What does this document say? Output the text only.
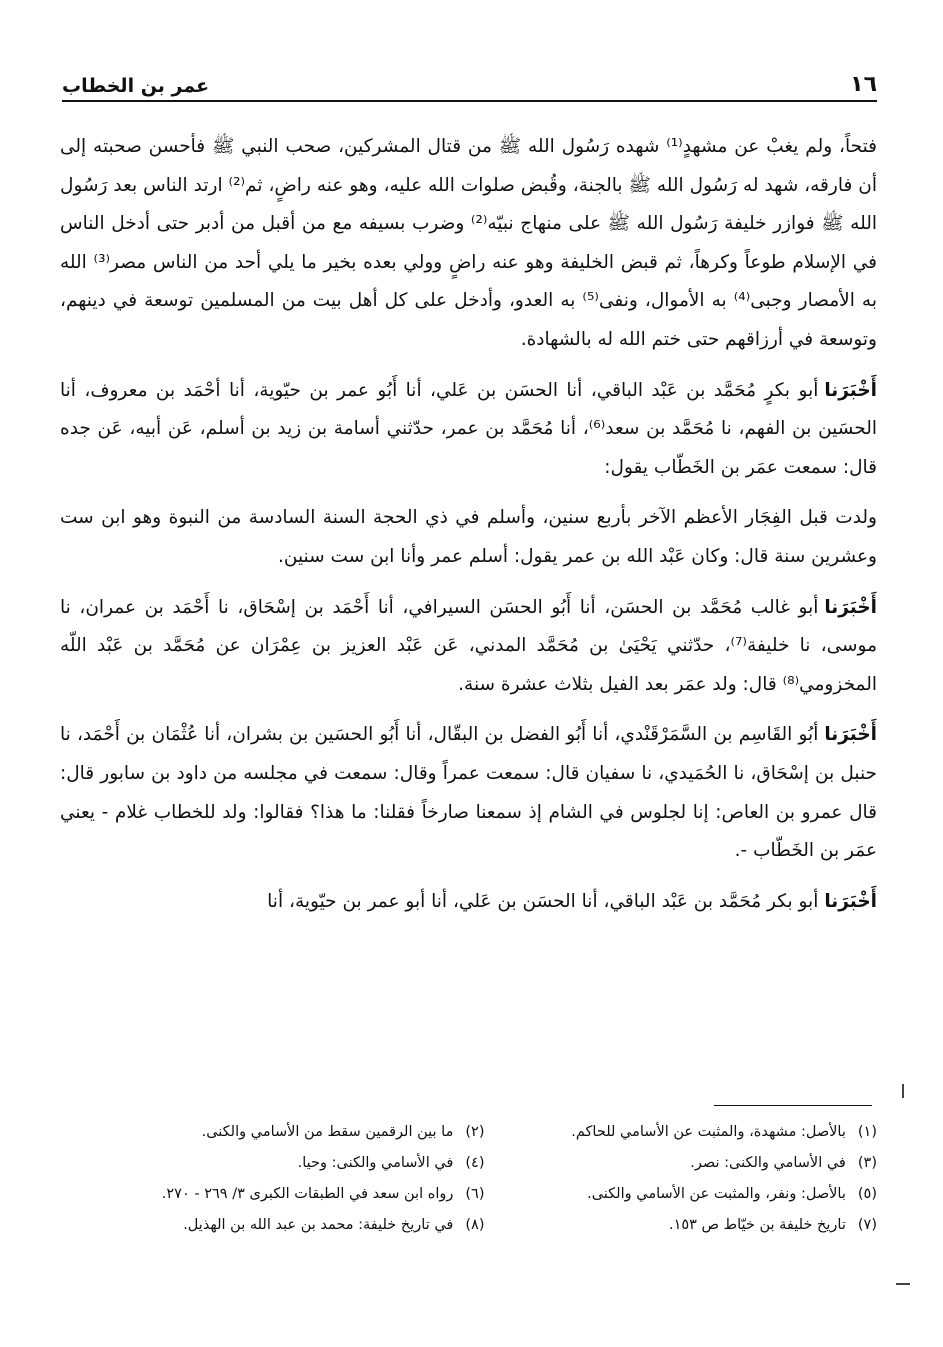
١٦
عمر بن الخطاب

فتحاً، ولم يغبْ عن مشهدٍ⁽¹⁾ شهده رَسُول الله ﷺ من قتال المشركين، صحب النبي ﷺ فأحسن صحبته إلى أن فارقه، شهد له رَسُول الله ﷺ بالجنة، وقُبض صلوات الله عليه، وهو عنه راضٍ، ثم⁽²⁾ ارتد الناس بعد رَسُول الله ﷺ فوازر خليفة رَسُول الله ﷺ على منهاج نبيّه⁽²⁾ وضرب بسيفه مع من أقبل من أدبر حتى أدخل الناس في الإسلام طوعاً وكرهاً، ثم قبض الخليفة وهو عنه راضٍ وولي بعده بخير ما يلي أحد من الناس مصر⁽³⁾ الله به الأمصار وجبى⁽⁴⁾ به الأموال، ونفى⁽⁵⁾ به العدو، وأدخل على كل أهل بيت من المسلمين توسعة في دينهم، وتوسعة في أرزاقهم حتى ختم الله له بالشهادة.

أَخْبَرَناأبو بكرٍ مُحَمَّد بن عَبْد الباقي، أنا الحسَن بن عَلي، أنا أَبُو عمر بن حيّوية، أنا أحْمَد بن معروف، أنا الحسَين بن الفهم، نا مُحَمَّد بن سعد⁽⁶⁾، أنا مُحَمَّد بن عمر، حدّثني أسامة بن زيد بن أسلم، عَن أبيه، عَن جده قال: سمعت عمَر بن الخَطّاب يقول:

ولدت قبل الفِجَار الأعظم الآخر بأربع سنين، وأسلم في ذي الحجة السنة السادسة من النبوة وهو ابن ست وعشرين سنة قال: وكان عَبْد الله بن عمر يقول: أسلم عمر وأنا ابن ست سنين.

أَخْبَرَناأبو غالب مُحَمَّد بن الحسَن، أنا أَبُو الحسَن السيرافي، أنا أَحْمَد بن إسْحَاق، نا أَحْمَد بن عمران، نا موسى، نا خليفة⁽⁷⁾، حدّثني يَحْيَىٰ بن مُحَمَّد المدني، عَن عَبْد العزيز بن عِمْرَان عن مُحَمَّد بن عَبْد اللّه المخزومي⁽⁸⁾ قال: ولد عمَر بعد الفيل بثلاث عشرة سنة.

أَخْبَرَناأبُو القَاسِم بن السَّمَرْقَنْدي، أنا أَبُو الفضل بن البقّال، أنا أَبُو الحسَين بن بشران، أنا عُثْمَان بن أَحْمَد، نا حنبل بن إسْحَاق، نا الحُمَيدي، نا سفيان قال: سمعت عمراً وقال: سمعت في مجلسه من داود بن سابور قال: قال عمرو بن العاص: إنا لجلوس في الشام إذ سمعنا صارخاً فقلنا: ما هذا؟ فقالوا: ولد للخطاب غلام - يعني عمَر بن الخَطّاب -.

أَخْبَرَناأبو بكر مُحَمَّد بن عَبْد الباقي، أنا الحسَن بن عَلي، أنا أبو عمر بن حيّوية، أنا

(١)بالأصل: مشهدة، والمثبت عن الأسامي للحاكم.
(٢)ما بين الرقمين سقط من الأسامي والكنى.
(٣)في الأسامي والكنى: نصر.
(٤)في الأسامي والكنى: وحيا.
(٥)بالأصل: ونفر، والمثبت عن الأسامي والكنى.
(٦)رواه ابن سعد في الطبقات الكبرى ٣/ ٢٦٩ - ٢٧٠.
(٧)تاريخ خليفة بن خيّاط ص ١٥٣.
(٨)في تاريخ خليفة: محمد بن عبد الله بن الهذيل.
